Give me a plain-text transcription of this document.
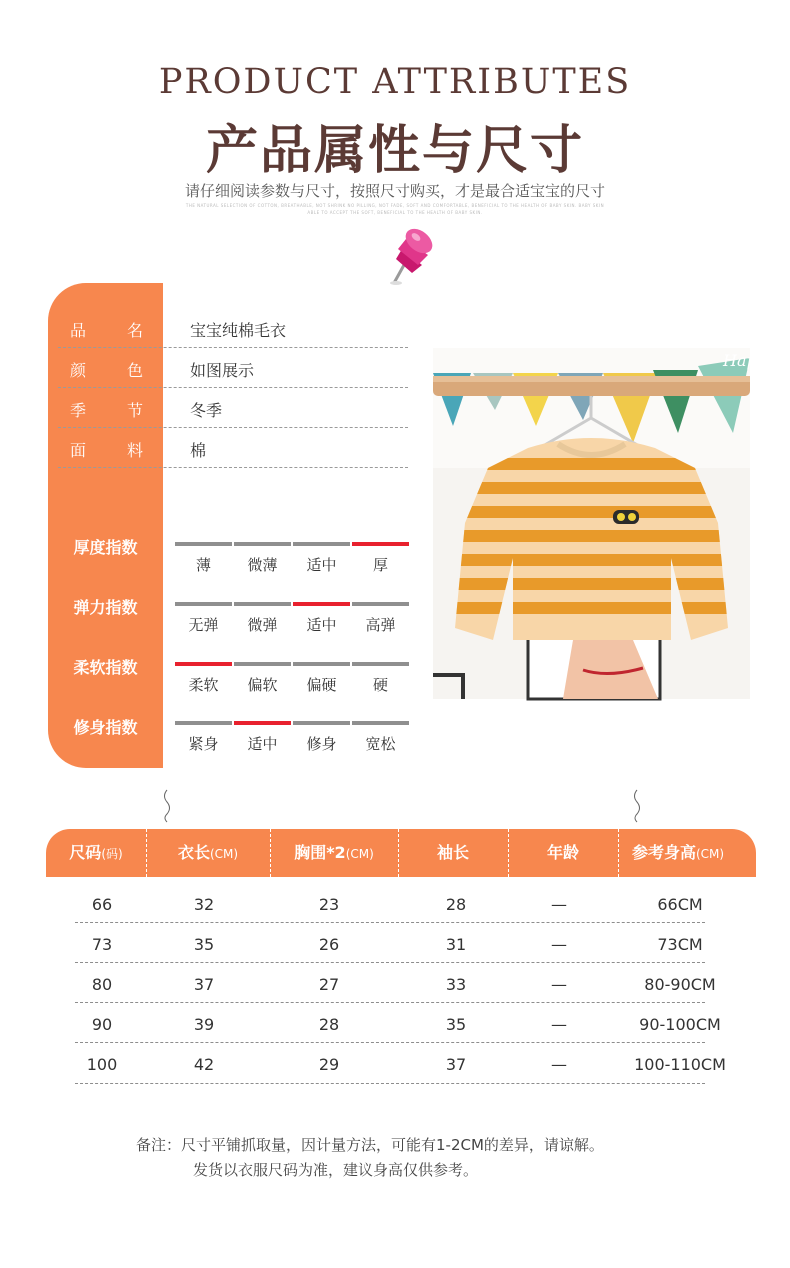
PRODUCT ATTRIBUTES
产品属性与尺寸
请仔细阅读参数与尺寸，按照尺寸购买，才是最合适宝宝的尺寸
THE NATURAL SELECTION OF COTTON, BREATHABLE, NOT SHRINK NO PILLING, NOT FADE, SOFT AND COMFORTABLE, BENEFICIAL TO THE HEALTH OF BABY SKIN. BABY SKIN
ABLE TO ACCEPT THE SOFT, BENEFICIAL TO THE HEALTH OF BABY SKIN.
品	名	宝宝纯棉毛衣
颜	色	如图展示
季	节	冬季
面	料	棉
厚度指数
薄	微薄	适中	厚
弹力指数
无弹	微弹	适中	高弹
柔软指数
柔软	偏软	偏硬	硬
修身指数
紧身	适中	修身	宽松
Happy
尺码(码)	衣长(CM)	胸围*2(CM)	袖长	年龄	参考身高(CM)
66	32	23	28	—	66CM
73	35	26	31	—	73CM
80	37	27	33	—	80-90CM
90	39	28	35	—	90-100CM
100	42	29	37	—	100-110CM
备注：尺寸平铺抓取量，因计量方法，可能有1-2CM的差异，请谅解。
发货以衣服尺码为准，建议身高仅供参考。
